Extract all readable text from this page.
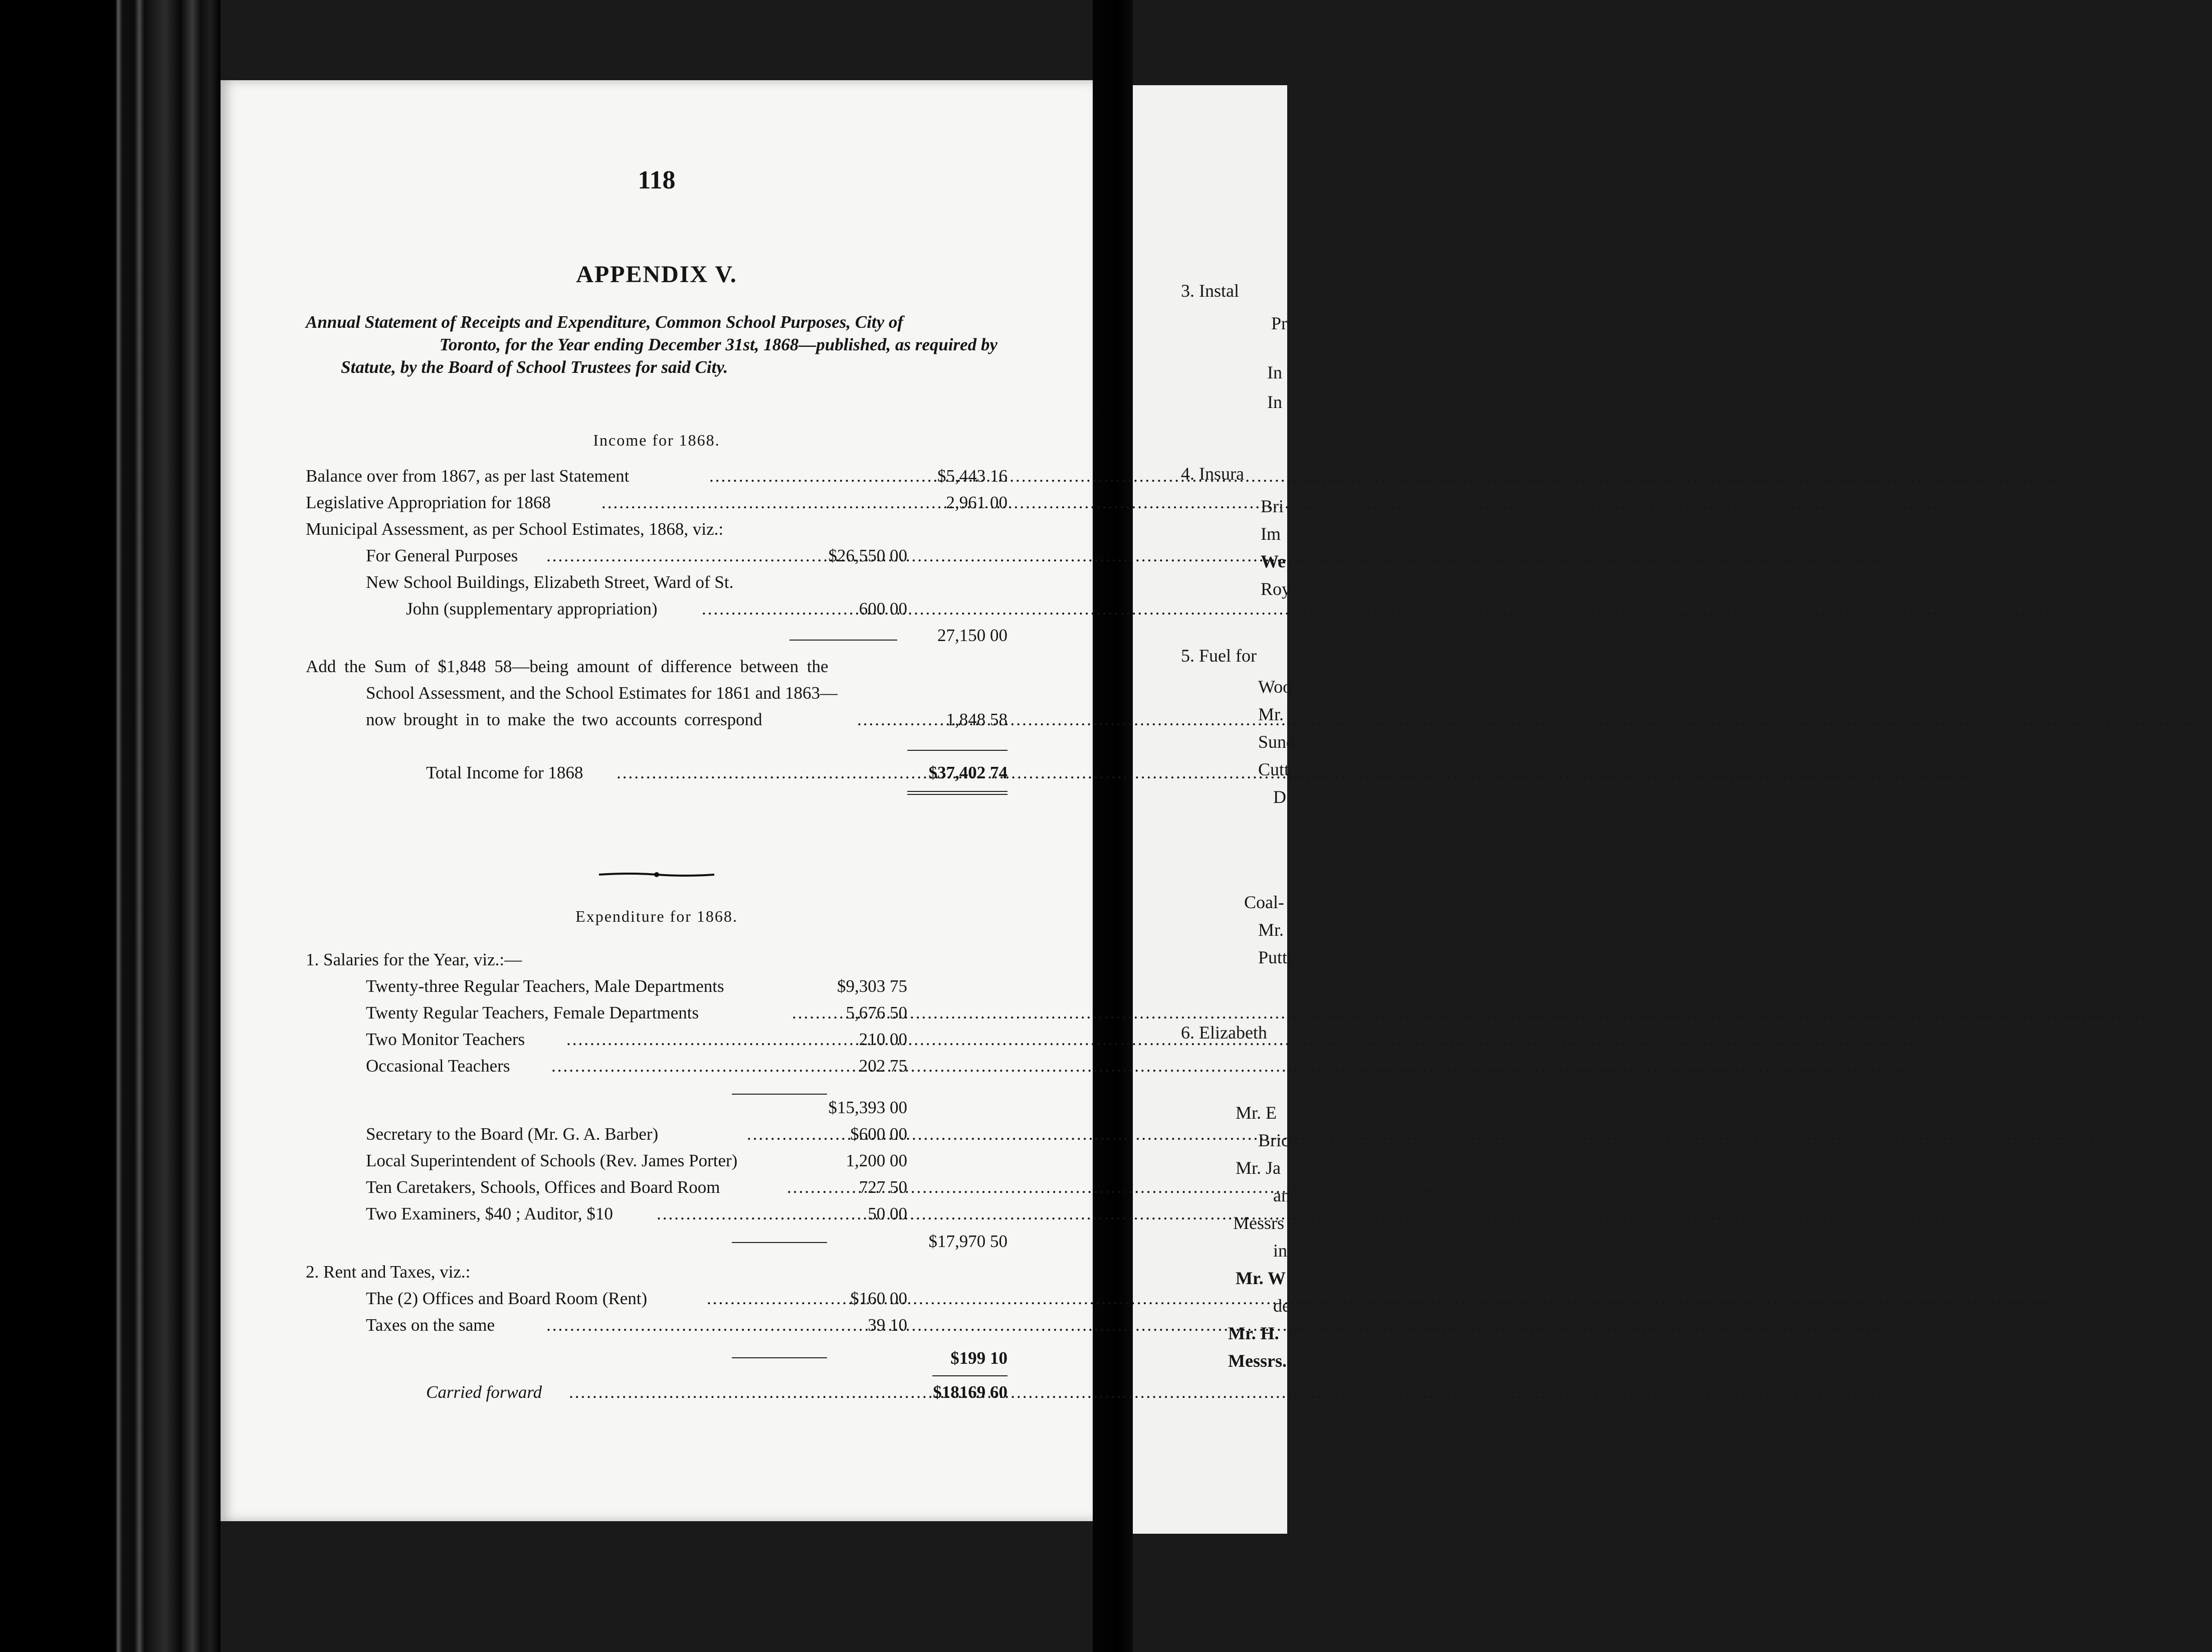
3. Instal
Pr
In
In
4. Insura
Bri
Im
We
Roy
5. Fuel for
Woo
Mr.
Sund
Cutt
D
Coal-
Mr.
Putti
6. Elizabeth
Mr. E
Bric
Mr. Ja
an
Messrs
in
Mr. W
de
Mr. H.
Messrs.
118
APPENDIX V.
Annual Statement of Receipts and Expenditure, Common School Purposes, City of
Toronto, for the Year ending December 31st, 1868—published, as required by
Statute, by the Board of School Trustees for said City.
Income for 1868.
Balance over from 1867, as per last Statement .....	$5,443 16
Legislative Appropriation for 1868 .....	2,961 00
Municipal Assessment, as per School Estimates, 1868, viz.:
For General Purposes .....	$26,550 00
New School Buildings, Elizabeth Street, Ward of St.
John (supplementary appropriation) .....	600 00
27,150 00
Add the Sum of $1,848 58—being amount of difference between the
School Assessment, and the School Estimates for 1861 and 1863—
now brought in to make the two accounts correspond .....	1,848 58
Total Income for 1868 .....	$37,402 74
Expenditure for 1868.
1. Salaries for the Year, viz.:—
Twenty-three Regular Teachers, Male Departments	$9,303 75
Twenty Regular Teachers, Female Departments .....	5,676 50
Two Monitor Teachers .....	210 00
Occasional Teachers .....	202 75
$15,393 00
Secretary to the Board (Mr. G. A. Barber) .....	$600 00
Local Superintendent of Schools (Rev. James Porter)	1,200 00
Ten Caretakers, Schools, Offices and Board Room .....	727 50
Two Examiners, $40 ; Auditor, $10 .....	50 00
$17,970 50
2. Rent and Taxes, viz.:
The (2) Offices and Board Room (Rent) .....	$160 00
Taxes on the same .....	39 10
$199 10
Carried forward .....	$18169 60
